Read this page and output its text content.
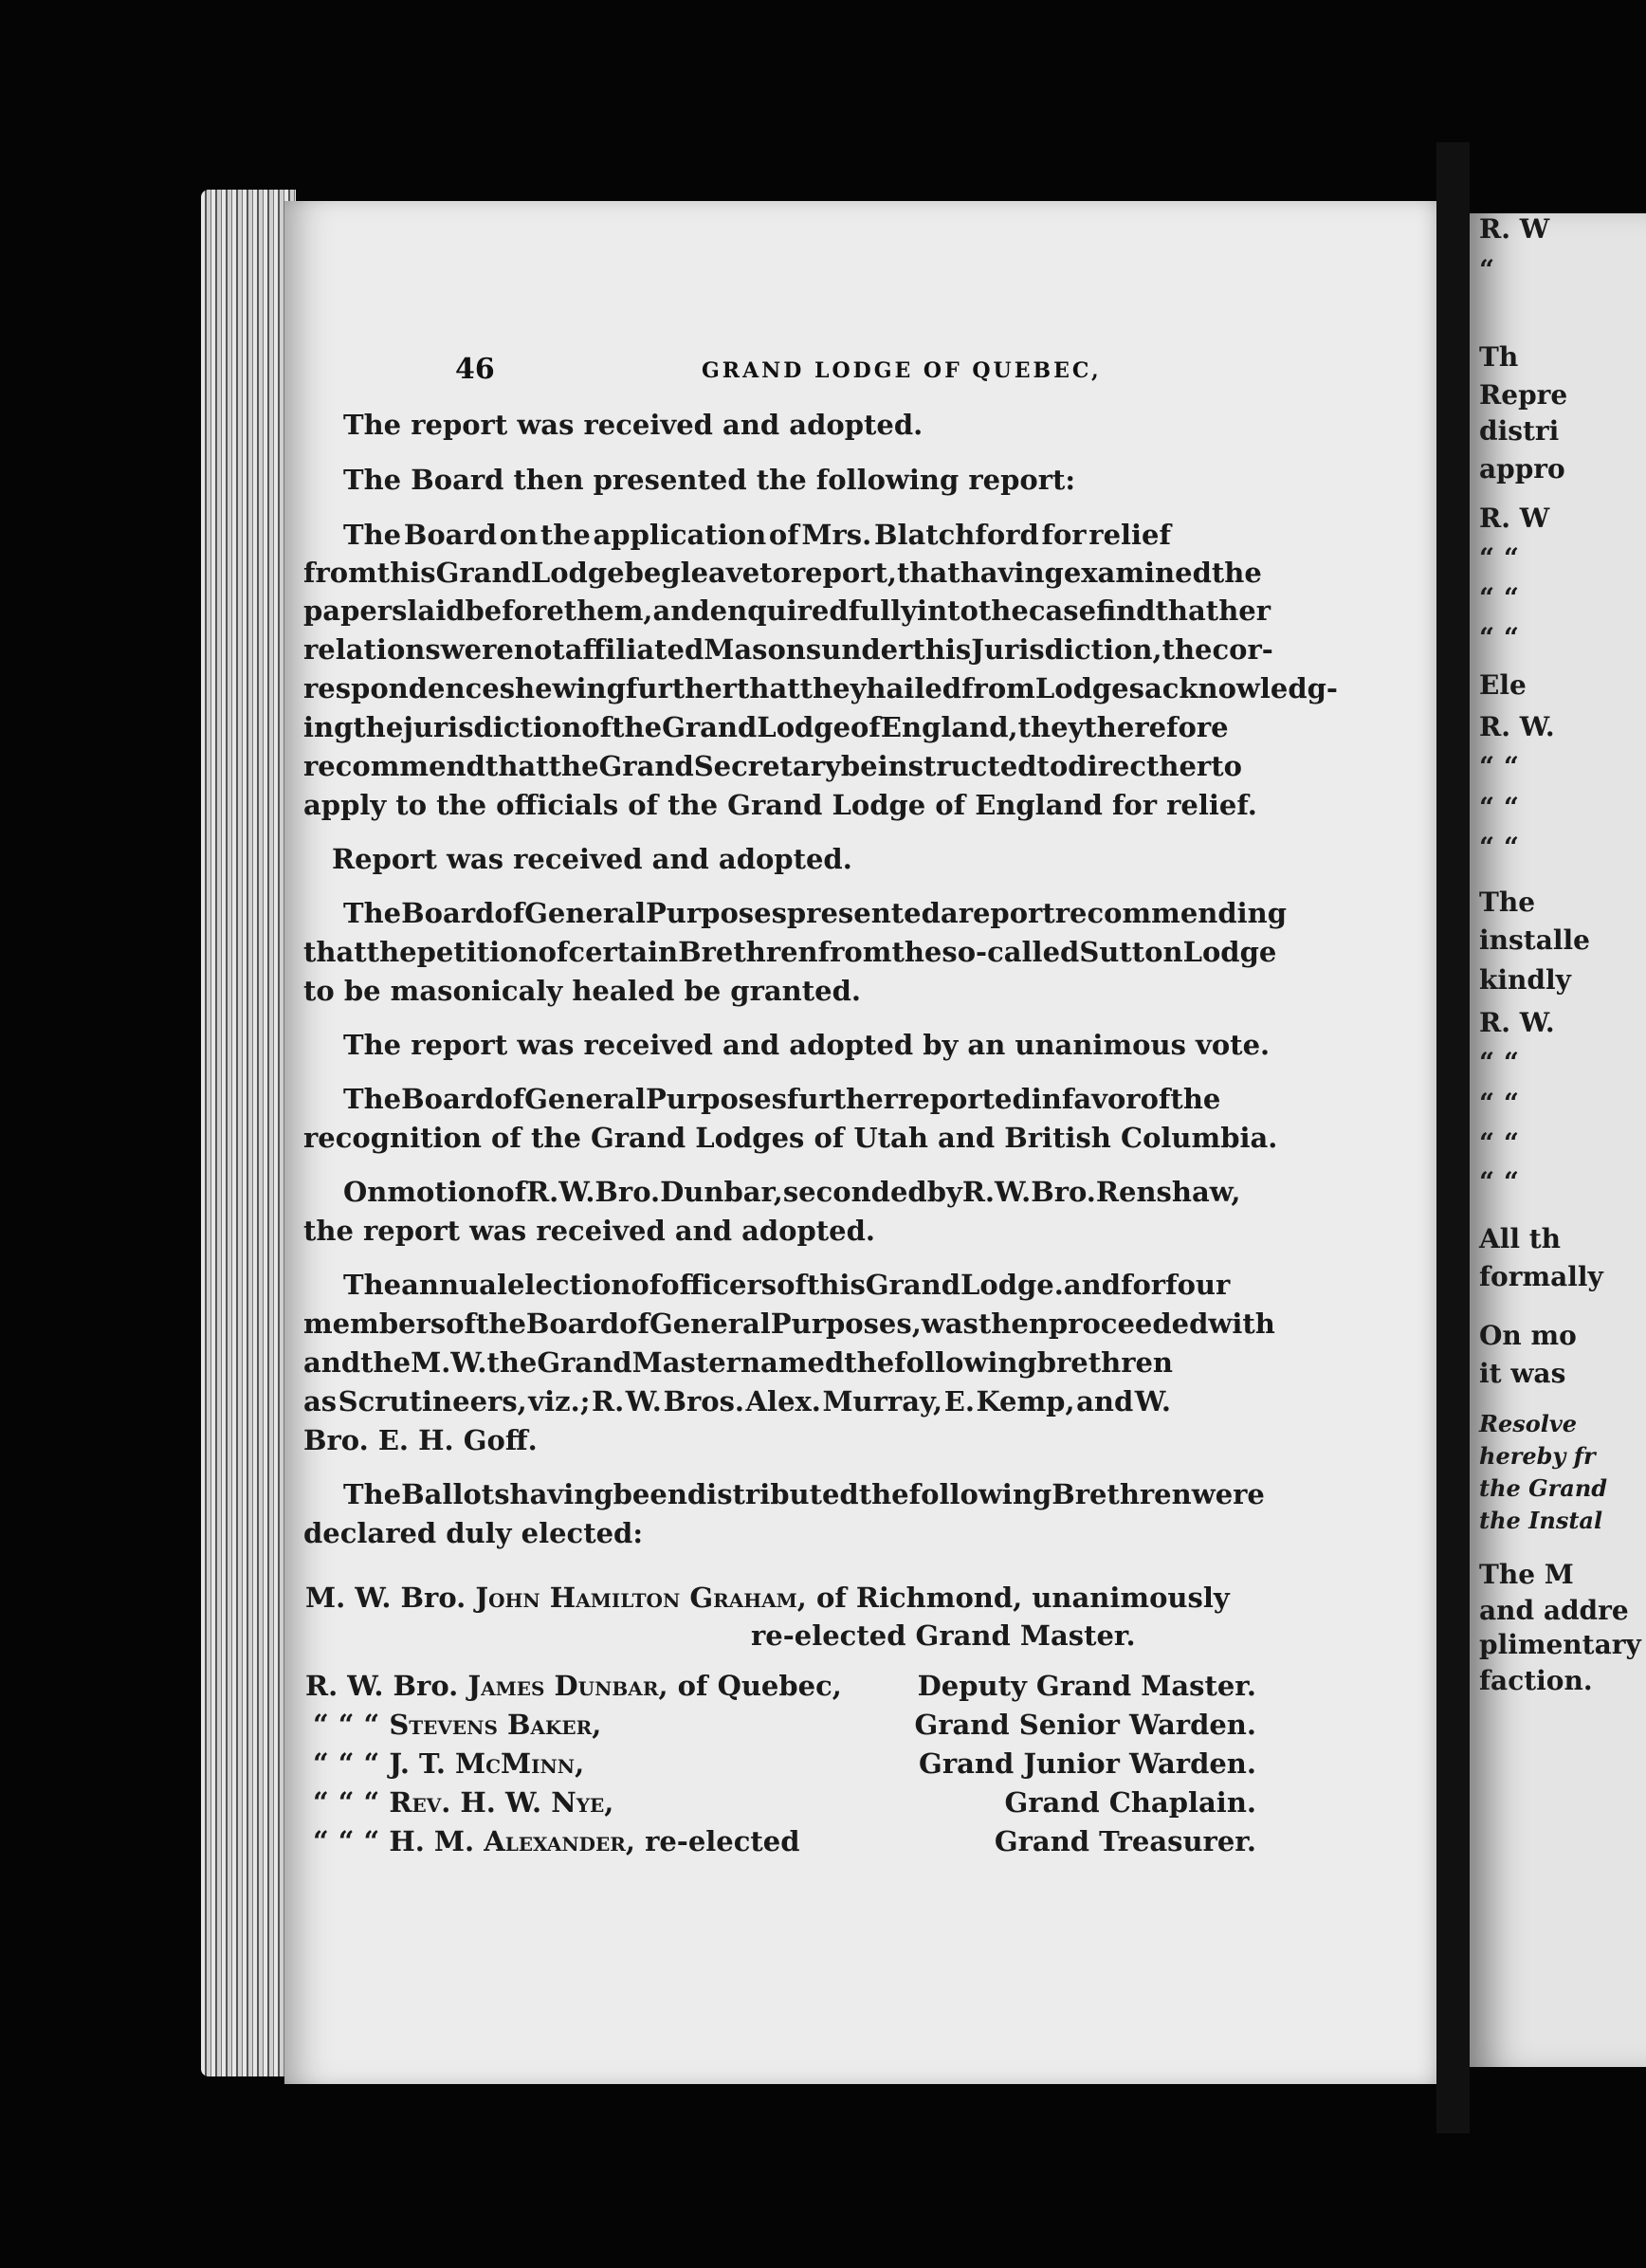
46	GRAND LODGE OF QUEBEC,
The report was received and adopted.
The Board then presented the following report:
The Board on the application of Mrs. Blatchford for relief
from this Grand Lodge beg leave to report, that having examined the
papers laid before them, and enquired fully into the case find that her
relations were not affiliated Masons under this Jurisdiction, the cor-
respondence shewing further that they hailed from Lodges acknowledg-
ing the jurisdiction of the Grand Lodge of England, they therefore
recommend that the Grand Secretary be instructed to direct her to
apply to the officials of the Grand Lodge of England for relief.
Report was received and adopted.
The Board of General Purposes presented a report recommending
that the petition of certain Brethren from the so-called Sutton Lodge
to be masonicaly healed be granted.
The report was received and adopted by an unanimous vote.
The Board of General Purposes further reported in favor of the
recognition of the Grand Lodges of Utah and British Columbia.
On motion of R. W. Bro. Dunbar, seconded by R. W. Bro. Renshaw,
the report was received and adopted.
The annual election of officers of this Grand Lodge. and for four
members of the Board of General Purposes, was then proceeded with
and the M. W. the Grand Master named the following brethren
as Scrutineers, viz.; R. W. Bros. Alex. Murray, E. Kemp, and W.
Bro. E. H. Goff.
The Ballots having been distributed the following Brethren were
declared duly elected:
M. W. Bro. John Hamilton Graham, of Richmond, unanimously
re-elected Grand Master.
R. W. Bro. James Dunbar, of Quebec,	Deputy Grand Master.
“ “ “ Stevens Baker,	Grand Senior Warden.
“ “ “ J. T. McMinn,	Grand Junior Warden.
“ “ “ Rev. H. W. Nye,	Grand Chaplain.
“ “ “ H. M. Alexander, re-elected	Grand Treasurer.
R. W
“
Th
Repre
distri
appro
R. W
“ “
“ “
“ “
Ele
R. W.
“ “
“ “
“ “
The
installe
kindly
R. W.
“ “
“ “
“ “
“ “
All th
formally
On mo
it was
Resolve
hereby fr
the Grand
the Instal
The M
and addre
plimentary
faction.
